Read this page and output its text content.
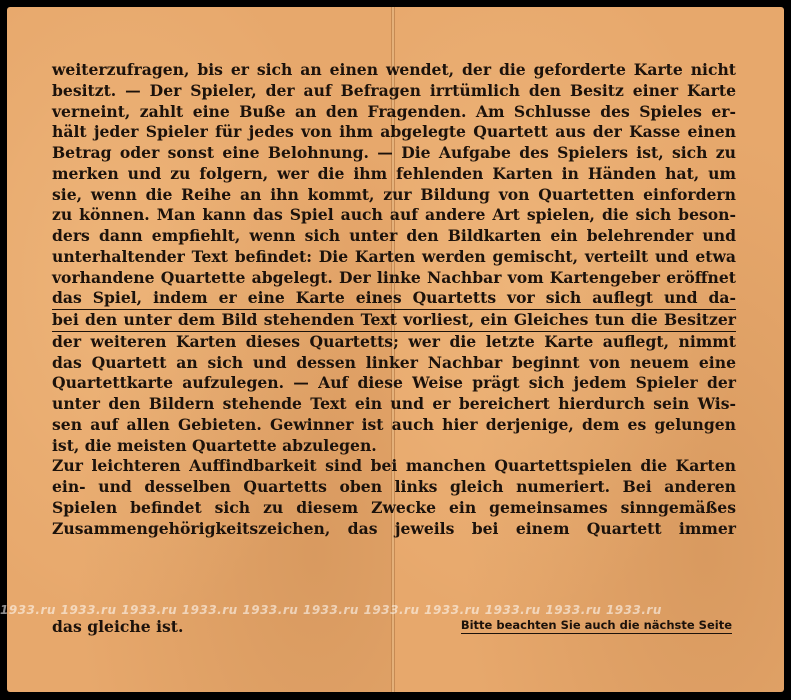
weiterzufragen, bis er sich an einen wendet, der die geforderte Karte nicht
besitzt. — Der Spieler, der auf Befragen irrtümlich den Besitz einer Karte
verneint, zahlt eine Buße an den Fragenden. Am Schlusse des Spieles er-
hält jeder Spieler für jedes von ihm abgelegte Quartett aus der Kasse einen
Betrag oder sonst eine Belohnung. — Die Aufgabe des Spielers ist, sich zu
merken und zu folgern, wer die ihm fehlenden Karten in Händen hat, um
sie, wenn die Reihe an ihn kommt, zur Bildung von Quartetten einfordern
zu können. Man kann das Spiel auch auf andere Art spielen, die sich beson-
ders dann empfiehlt, wenn sich unter den Bildkarten ein belehrender und
unterhaltender Text befindet: Die Karten werden gemischt, verteilt und etwa
vorhandene Quartette abgelegt. Der linke Nachbar vom Kartengeber eröffnet
das Spiel, indem er eine Karte eines Quartetts vor sich auflegt und da-
bei den unter dem Bild stehenden Text vorliest, ein Gleiches tun die Besitzer
der weiteren Karten dieses Quartetts; wer die letzte Karte auflegt, nimmt
das Quartett an sich und dessen linker Nachbar beginnt von neuem eine
Quartettkarte aufzulegen. — Auf diese Weise prägt sich jedem Spieler der
unter den Bildern stehende Text ein und er bereichert hierdurch sein Wis-
sen auf allen Gebieten. Gewinner ist auch hier derjenige, dem es gelungen
ist, die meisten Quartette abzulegen.
Zur leichteren Auffindbarkeit sind bei manchen Quartettspielen die Karten
ein- und desselben Quartetts oben links gleich numeriert. Bei anderen
Spielen befindet sich zu diesem Zwecke ein gemeinsames sinngemäßes
Zusammengehörigkeitszeichen, das jeweils bei einem Quartett immer
1933.ru 1933.ru 1933.ru 1933.ru 1933.ru 1933.ru 1933.ru 1933.ru 1933.ru 1933.ru 1933.ru
das gleiche ist.	Bitte beachten Sie auch die nächste Seite
